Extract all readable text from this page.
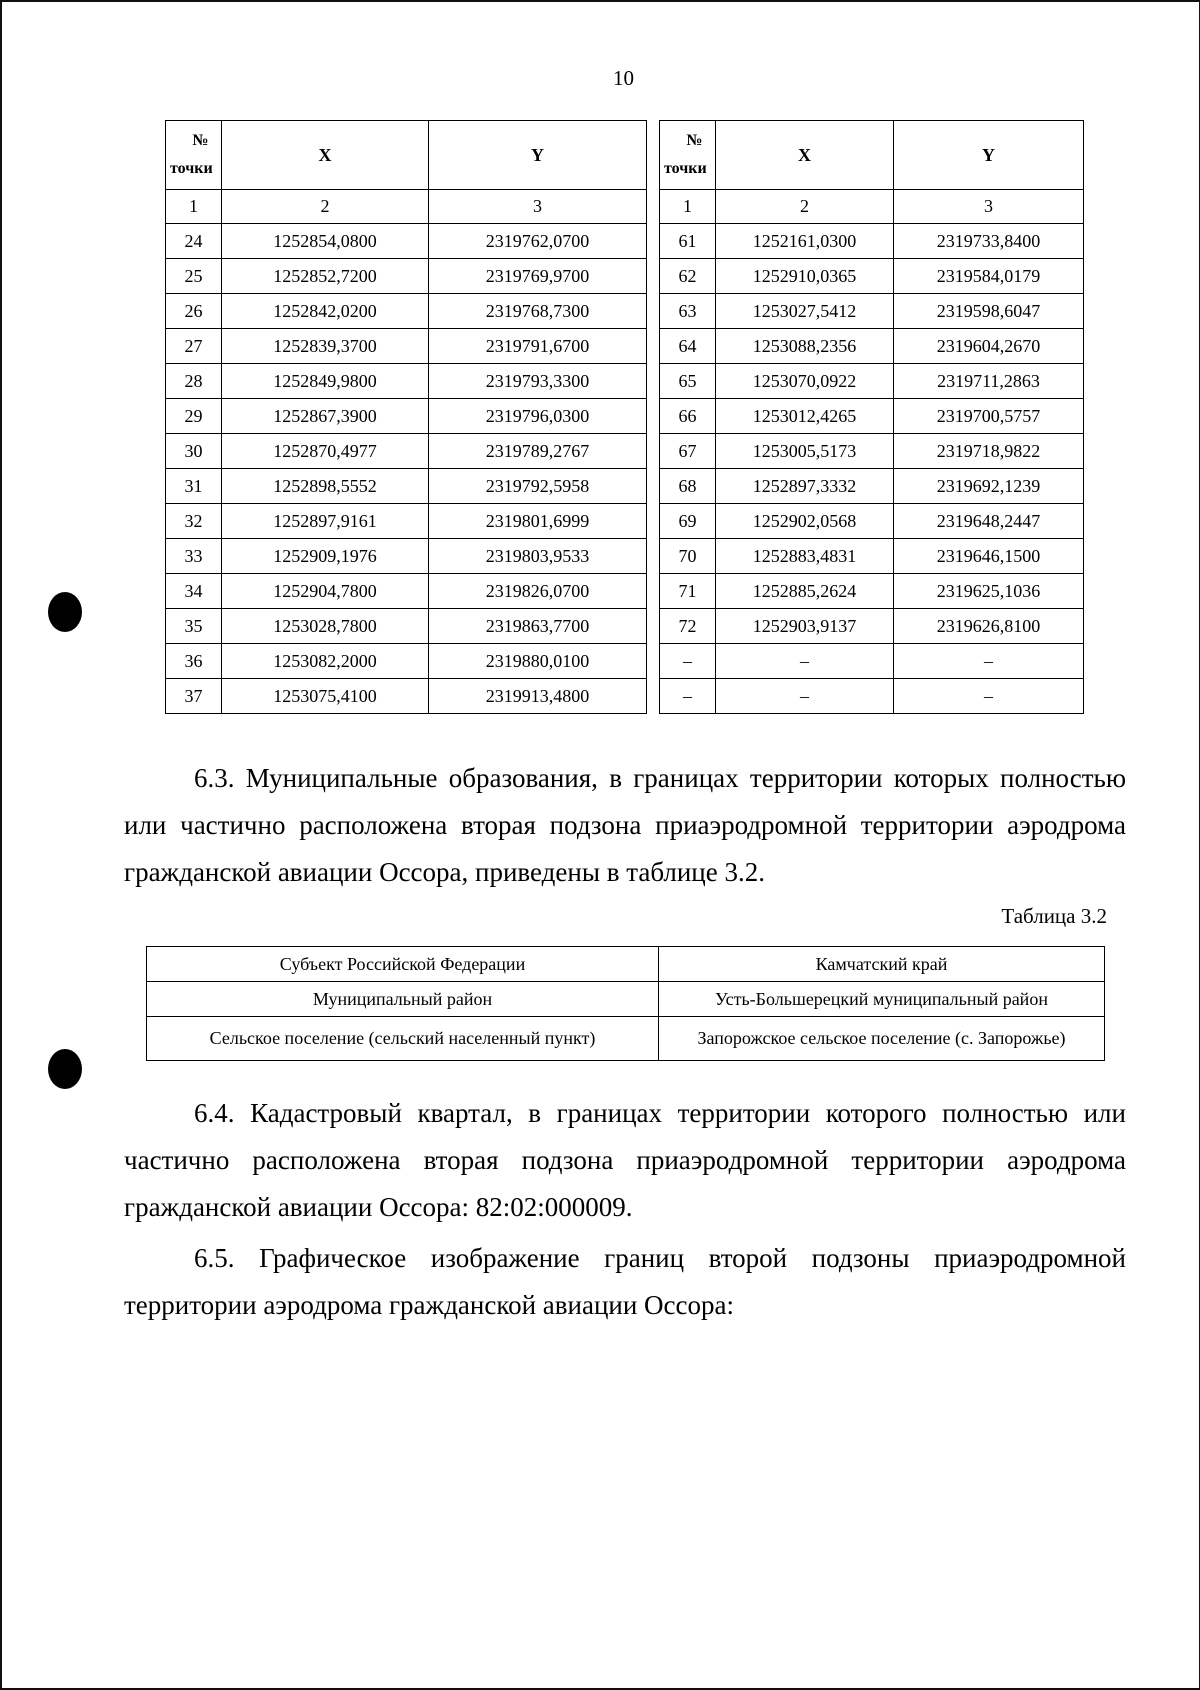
10
№
точки	X	Y
1	2	3
24	1252854,0800	2319762,0700
25	1252852,7200	2319769,9700
26	1252842,0200	2319768,7300
27	1252839,3700	2319791,6700
28	1252849,9800	2319793,3300
29	1252867,3900	2319796,0300
30	1252870,4977	2319789,2767
31	1252898,5552	2319792,5958
32	1252897,9161	2319801,6999
33	1252909,1976	2319803,9533
34	1252904,7800	2319826,0700
35	1253028,7800	2319863,7700
36	1253082,2000	2319880,0100
37	1253075,4100	2319913,4800
№
точки	X	Y
1	2	3
61	1252161,0300	2319733,8400
62	1252910,0365	2319584,0179
63	1253027,5412	2319598,6047
64	1253088,2356	2319604,2670
65	1253070,0922	2319711,2863
66	1253012,4265	2319700,5757
67	1253005,5173	2319718,9822
68	1252897,3332	2319692,1239
69	1252902,0568	2319648,2447
70	1252883,4831	2319646,1500
71	1252885,2624	2319625,1036
72	1252903,9137	2319626,8100
–	–	–
–	–	–
6.3. Муниципальные образования, в границах территории которых полностью или частично расположена вторая подзона приаэродромной территории аэродрома гражданской авиации Оссора, приведены в таблице 3.2.
Таблица 3.2
Субъект Российской Федерации	Камчатский край
Муниципальный район	Усть-Большерецкий муниципальный район
Сельское поселение (сельский населенный пункт)	Запорожское сельское поселение (с. Запорожье)
6.4. Кадастровый квартал, в границах территории которого полностью или частично расположена вторая подзона приаэродромной территории аэродрома гражданской авиации Оссора: 82:02:000009.
6.5. Графическое изображение границ второй подзоны приаэродромной территории аэродрома гражданской авиации Оссора:
